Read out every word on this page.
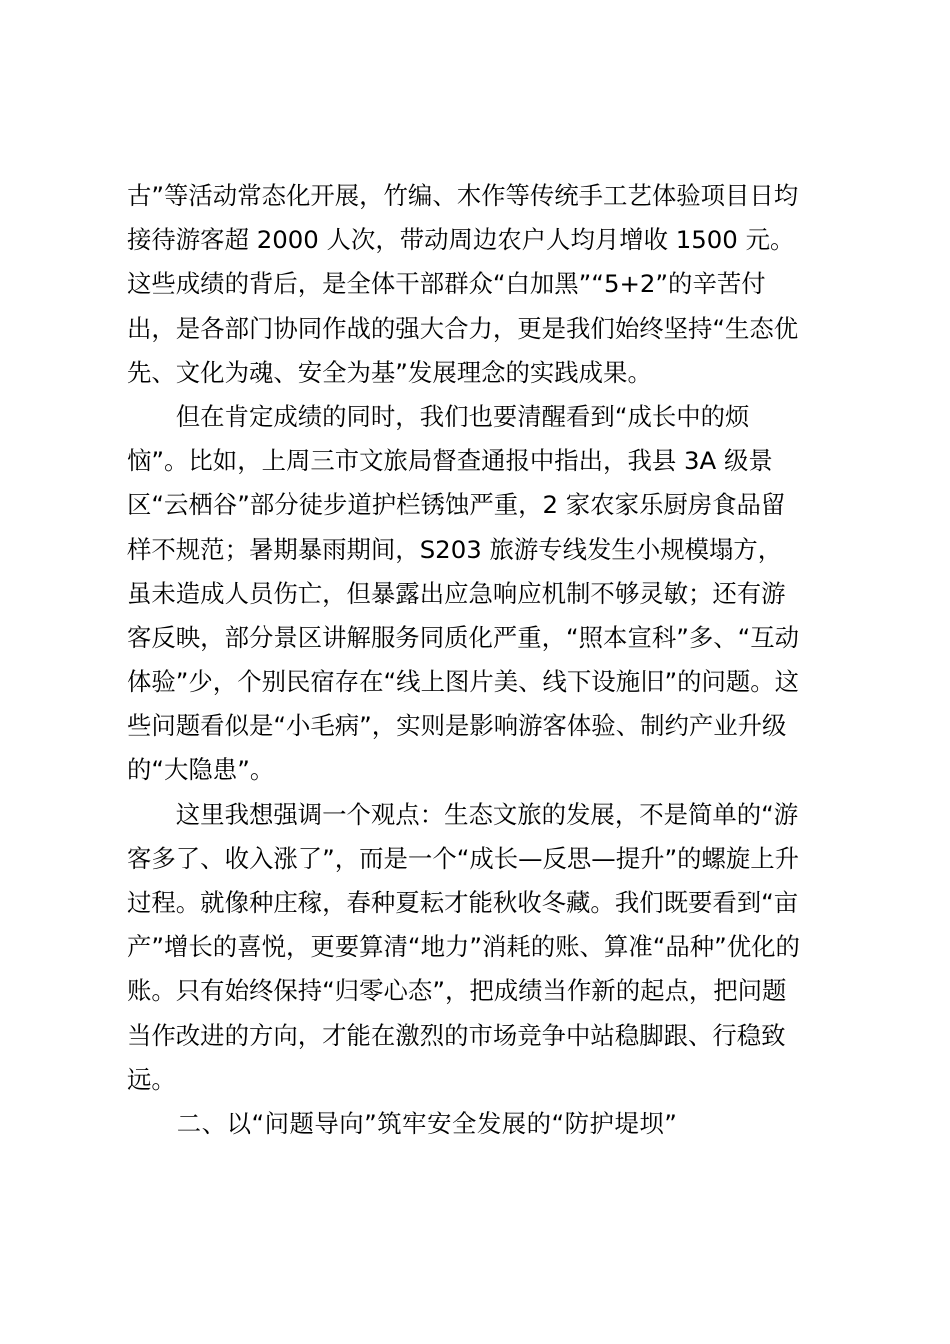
古”等活动常态化开展，竹编、木作等传统手工艺体验项目日均
接待游客超 2000 人次，带动周边农户人均月增收 1500 元。
这些成绩的背后，是全体干部群众“白加黑”“5+2”的辛苦付
出，是各部门协同作战的强大合力，更是我们始终坚持“生态优
先、文化为魂、安全为基”发展理念的实践成果。
　　但在肯定成绩的同时，我们也要清醒看到“成长中的烦
恼”。比如，上周三市文旅局督查通报中指出，我县 3A 级景
区“云栖谷”部分徒步道护栏锈蚀严重，2 家农家乐厨房食品留
样不规范；暑期暴雨期间，S203 旅游专线发生小规模塌方，
虽未造成人员伤亡，但暴露出应急响应机制不够灵敏；还有游
客反映，部分景区讲解服务同质化严重，“照本宣科”多、“互动
体验”少，个别民宿存在“线上图片美、线下设施旧”的问题。这
些问题看似是“小毛病”，实则是影响游客体验、制约产业升级
的“大隐患”。
　　这里我想强调一个观点：生态文旅的发展，不是简单的“游
客多了、收入涨了”，而是一个“成长—反思—提升”的螺旋上升
过程。就像种庄稼，春种夏耘才能秋收冬藏。我们既要看到“亩
产”增长的喜悦，更要算清“地力”消耗的账、算准“品种”优化的
账。只有始终保持“归零心态”，把成绩当作新的起点，把问题
当作改进的方向，才能在激烈的市场竞争中站稳脚跟、行稳致
远。
　　二、以“问题导向”筑牢安全发展的“防护堤坝”
